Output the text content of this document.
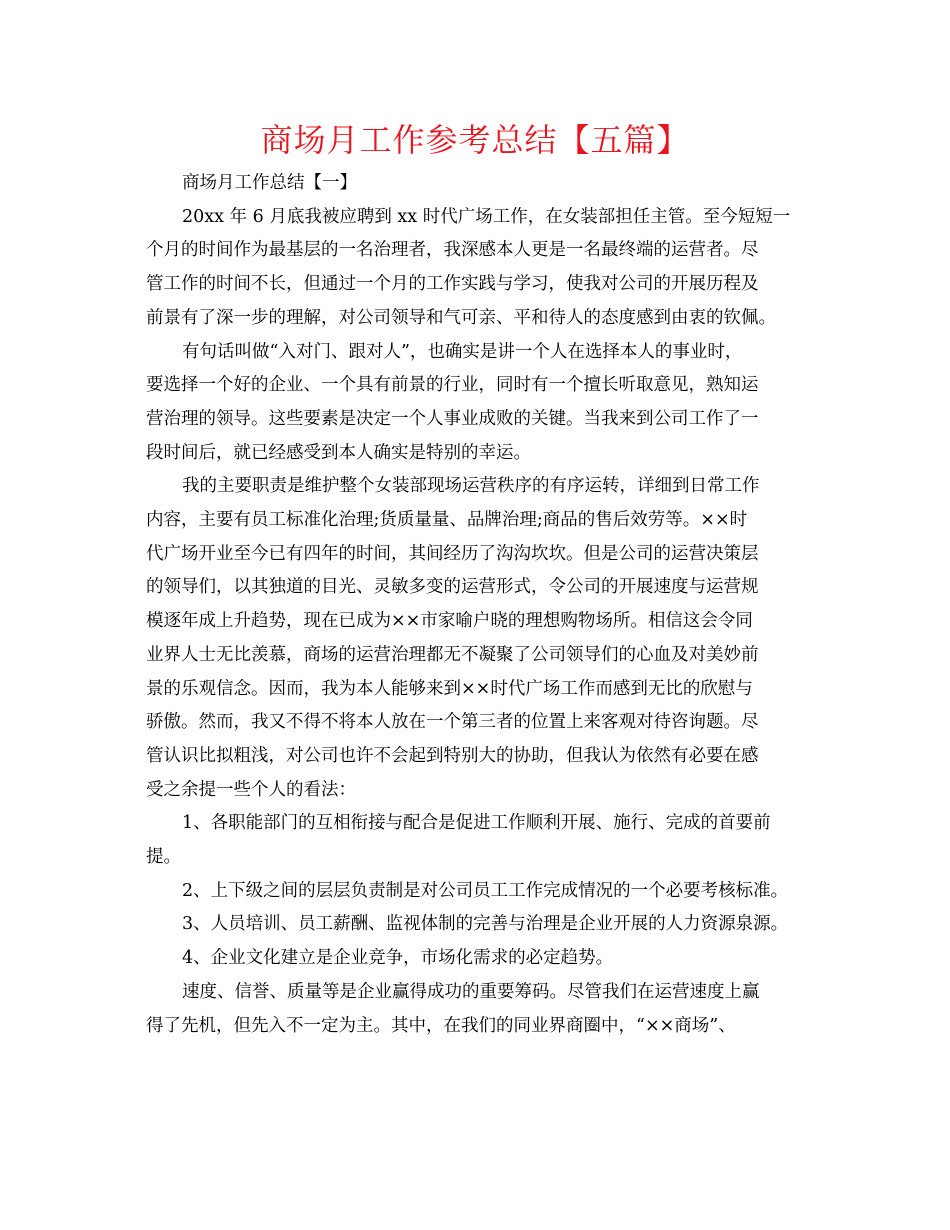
商场月工作参考总结【五篇】

商场月工作总结【一】

20xx 年 6 月底我被应聘到 xx 时代广场工作，在女装部担任主管。至今短短一
个月的时间作为最基层的一名治理者，我深感本人更是一名最终端的运营者。尽
管工作的时间不长，但通过一个月的工作实践与学习，使我对公司的开展历程及
前景有了深一步的理解，对公司领导和气可亲、平和待人的态度感到由衷的钦佩。

有句话叫做“入对门、跟对人”，也确实是讲一个人在选择本人的事业时，
要选择一个好的企业、一个具有前景的行业，同时有一个擅长听取意见，熟知运
营治理的领导。这些要素是决定一个人事业成败的关键。当我来到公司工作了一
段时间后，就已经感受到本人确实是特别的幸运。

我的主要职责是维护整个女装部现场运营秩序的有序运转，详细到日常工作
内容，主要有员工标准化治理;货质量量、品牌治理;商品的售后效劳等。××时
代广场开业至今已有四年的时间，其间经历了沟沟坎坎。但是公司的运营决策层
的领导们，以其独道的目光、灵敏多变的运营形式，令公司的开展速度与运营规
模逐年成上升趋势，现在已成为××市家喻户晓的理想购物场所。相信这会令同
业界人士无比羡慕，商场的运营治理都无不凝聚了公司领导们的心血及对美妙前
景的乐观信念。因而，我为本人能够来到××时代广场工作而感到无比的欣慰与
骄傲。然而，我又不得不将本人放在一个第三者的位置上来客观对待咨询题。尽
管认识比拟粗浅，对公司也许不会起到特别大的协助，但我认为依然有必要在感
受之余提一些个人的看法：

1、各职能部门的互相衔接与配合是促进工作顺利开展、施行、完成的首要前
提。

2、上下级之间的层层负责制是对公司员工工作完成情况的一个必要考核标准。

3、人员培训、员工薪酬、监视体制的完善与治理是企业开展的人力资源泉源。

4、企业文化建立是企业竞争，市场化需求的必定趋势。

速度、信誉、质量等是企业赢得成功的重要筹码。尽管我们在运营速度上赢
得了先机，但先入不一定为主。其中，在我们的同业界商圈中，“××商场”、
